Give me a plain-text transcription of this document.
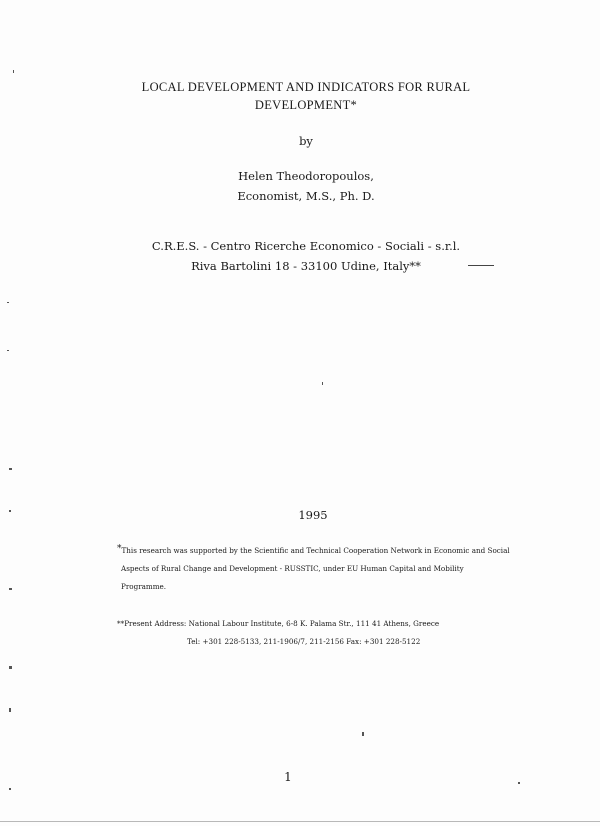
LOCAL DEVELOPMENT AND INDICATORS FOR RURAL
DEVELOPMENT*
by
Helen Theodoropoulos,
Economist, M.S., Ph. D.
C.R.E.S. - Centro Ricerche Economico - Sociali - s.r.l.
Riva Bartolini 18 - 33100 Udine, Italy**
1995
*This research was supported by the Scientific and Technical Cooperation Network in Economic and Social
Aspects of Rural Change and Development - RUSSTIC, under EU Human Capital and Mobility
Programme.
**Present Address: National Labour Institute, 6-8 K. Palama Str., 111 41 Athens, Greece
Tel: +301 228-5133, 211-1906/7, 211-2156 Fax: +301 228-5122
1
